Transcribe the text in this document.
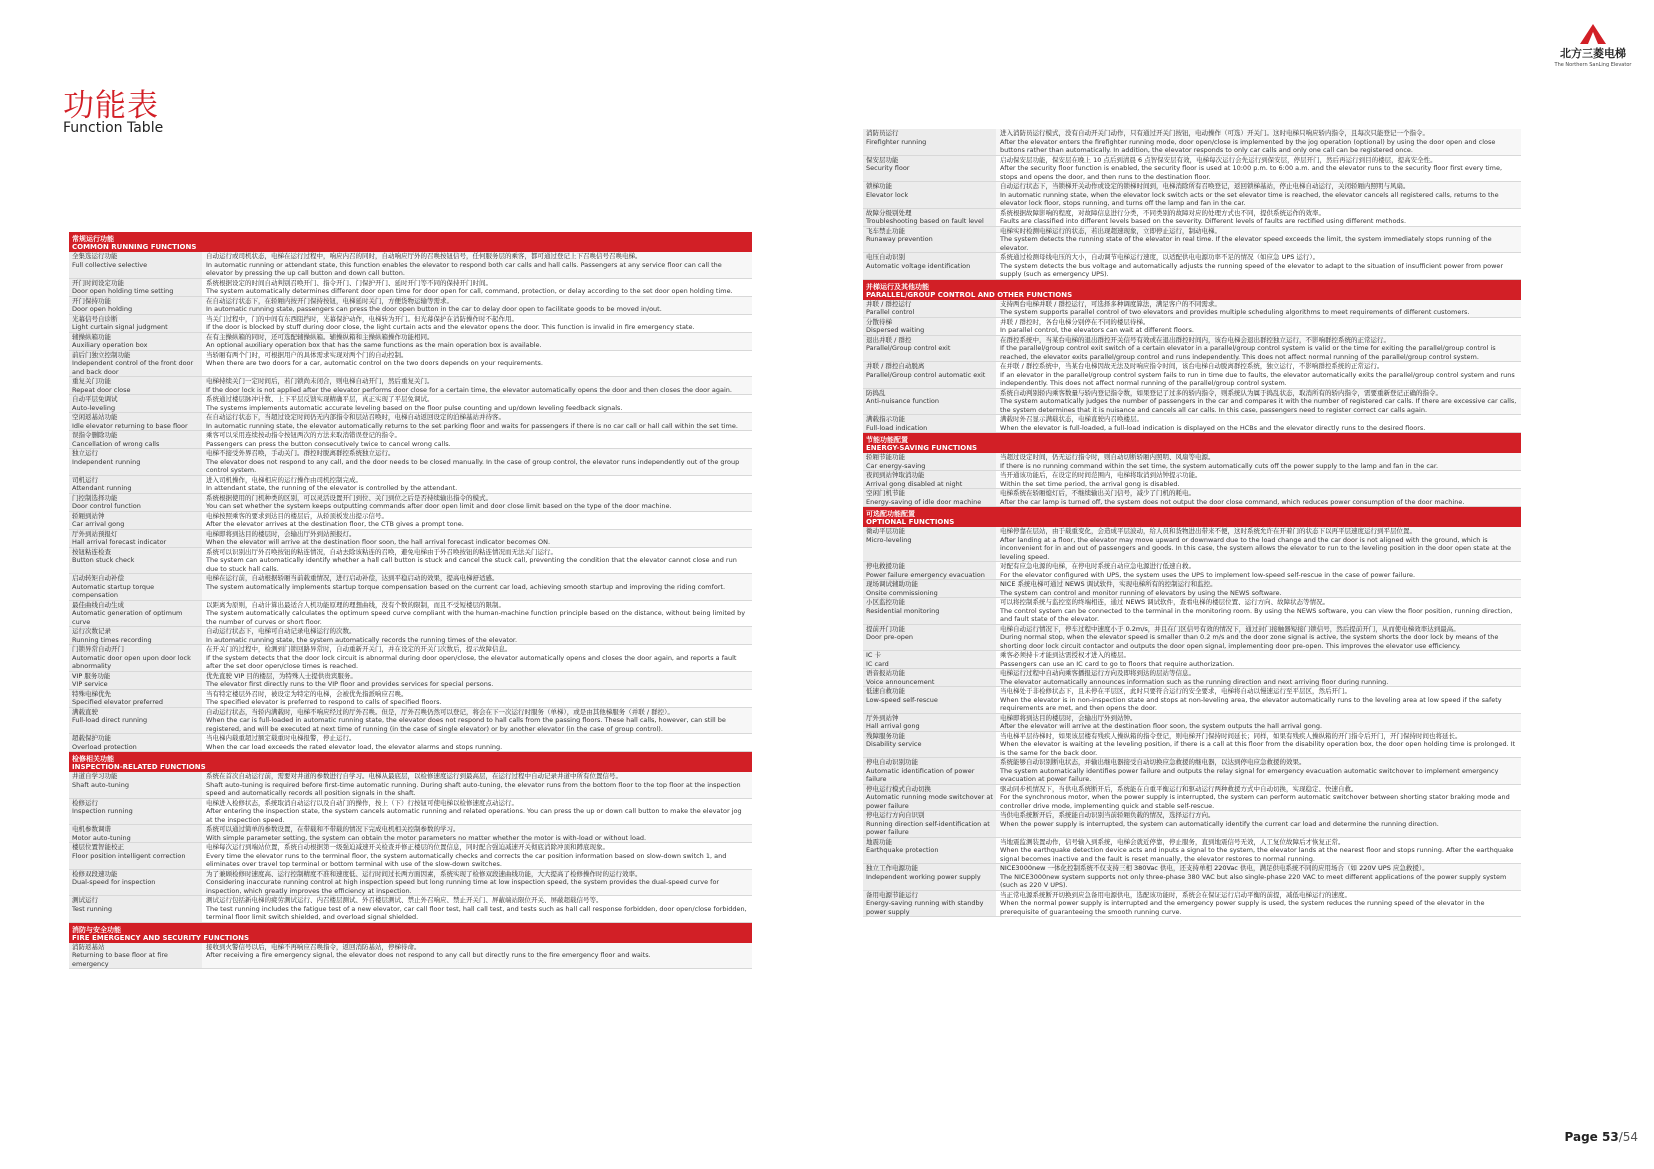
北方三菱电梯
The Northern SanLing Elevator
功能表
Function Table
常规运行功能
COMMON RUNNING FUNCTIONS
全集选运行功能
Full collective selective
自动运行或司机状态，电梯在运行过程中，响应内召的同时，自动响应厅外的召唤按钮信号，任何服务层的乘客，都可通过登记上下召唤信号召唤电梯。
In automatic running or attendant state, this function enables the elevator to respond both car calls and hall calls. Passengers at any service floor can call the elevator by pressing the up call button and down call button.
开门时间设定功能
Door open holding time setting
系统根据设定的时间自动判别召唤开门、指令开门、门保护开门、延时开门等不同的保持开门时间。
The system automatically determines different door open time for door open for call, command, protection, or delay according to the set door open holding time.
开门保持功能
Door open holding
在自动运行状态下，在轿厢内按开门保持按钮，电梯延时关门，方便货物运输等需求。
In automatic running state, passengers can press the door open button in the car to delay door open to facilitate goods to be moved in/out.
光幕信号自诊断
Light curtain signal judgment
当关门过程中，门的中间有东西阻挡时，光幕保护动作，电梯转为开门。但光幕保护在消防操作时不起作用。
If the door is blocked by stuff during door close, the light curtain acts and the elevator opens the door. This function is invalid in fire emergency state.
辅操纵箱功能
Auxiliary operation box
在有主操纵箱的同时，还可选配辅操纵箱。辅操纵箱和主操纵箱操作功能相同。
An optional auxiliary operation box that has the same functions as the main operation box is available.
前后门独立控制功能
Independent control of the front door and back door
当轿厢有两个门时，可根据用户的具体需求实现对两个门的自动控制。
When there are two doors for a car, automatic control on the two doors depends on your requirements.
重复关门功能
Repeat door close
电梯持续关门一定时间后，若门锁尚未闭合，则电梯自动开门，然后重复关门。
If the door lock is not applied after the elevator performs door close for a certain time, the elevator automatically opens the door and then closes the door again.
自动平层免调试
Auto-leveling
系统通过楼层脉冲计数、上下平层反馈实现精确平层，真正实现了平层免调试。
The systems implements automatic accurate leveling based on the floor pulse counting and up/down leveling feedback signals.
空闲返基站功能
Idle elevator returning to base floor
在自动运行状态下，当超过设定时间仍无内部指令和层站召唤时，电梯自动返回设定的泊梯基站并待客。
In automatic running state, the elevator automatically returns to the set parking floor and waits for passengers if there is no car call or hall call within the set time.
误指令删除功能
Cancellation of wrong calls
乘客可以采用连续按动指令按钮两次的方法来取消错误登记的指令。
Passengers can press the button consecutively twice to cancel wrong calls.
独立运行
Independent running
电梯不接受外界召唤，手动关门。群控时脱离群控系统独立运行。
The elevator does not respond to any call, and the door needs to be closed manually. In the case of group control, the elevator runs independently out of the group control system.
司机运行
Attendant running
进入司机操作，电梯相应的运行操作由司机控制完成。
In attendant state, the running of the elevator is controlled by the attendant.
门控制选择功能
Door control function
系统根据使用的门机种类的区别，可以灵活设置开门到位、关门到位之后是否持续输出指令的模式。
You can set whether the system keeps outputting commands after door open limit and door close limit based on the type of the door machine.
轿厢到站钟
Car arrival gong
电梯按照乘客的要求到达目的楼层后，从轿顶板发出提示信号。
After the elevator arrives at the destination floor, the CTB gives a prompt tone.
厅外到站预报灯
Hall arrival forecast indicator
电梯即将到达目的楼层时，会输出厅外到站预报灯。
When the elevator will arrive at the destination floor soon, the hall arrival forecast indicator becomes ON.
按钮粘连检查
Button stuck check
系统可以识别出厅外召唤按钮的粘连情况，自动去除该粘连的召唤，避免电梯由于外召唤按钮的粘连情况而无法关门运行。
The system can automatically identify whether a hall call button is stuck and cancel the stuck call, preventing the condition that the elevator cannot close and run due to stuck hall calls.
启动转矩自动补偿
Automatic startup torque compensation
电梯在运行前，自动根据轿厢当前载重情况，进行启动补偿，达到平稳启动的效果，提高电梯舒适感。
The system automatically implements startup torque compensation based on the current car load, achieving smooth startup and improving the riding comfort.
最佳曲线自动生成
Automatic generation of optimum curve
以距离为原则，自动计算出最适合人机功能原理的理想曲线，没有个数的限制，而且不受短楼层的限制。
The system automatically calculates the optimum speed curve compliant with the human-machine function principle based on the distance, without being limited by the number of curves or short floor.
运行次数记录
Running times recording
自动运行状态下，电梯可自动记录电梯运行的次数。
In automatic running state, the system automatically records the running times of the elevator.
门锁异常自动开门
Automatic door open upon door lock abnormality
在开关门的过程中，检测到门锁回路异常时，自动重新开关门，并在设定的开关门次数后，提示故障信息。
If the system detects that the door lock circuit is abnormal during door open/close, the elevator automatically opens and closes the door again, and reports a fault after the set door open/close times is reached.
VIP 服务功能
VIP service
优先直驶 VIP 目的楼层，为特殊人士提供贵宾服务。
The elevator first directly runs to the VIP floor and provides services for special persons.
特殊电梯优先
Specified elevator preferred
当有特定楼层外召时，被设定为特定的电梯，会被优先指派响应召唤。
The specified elevator is preferred to respond to calls of specified floors.
满载直驶
Full-load direct running
自动运行状态，当轿内满载时，电梯不响应经过的厅外召唤。但是，厅外召唤仍然可以登记，将会在下一次运行时服务（单梯），或是由其他梯服务（并联 / 群控）。
When the car is full-loaded in automatic running state, the elevator does not respond to hall calls from the passing floors. These hall calls, however, can still be registered, and will be executed at next time of running (in the case of single elevator) or by another elevator (in the case of group control).
超载保护功能
Overload protection
当电梯内载重超过额定载重时电梯报警，停止运行。
When the car load exceeds the rated elevator load, the elevator alarms and stops running.
检修相关功能
INSPECTION-RELATED FUNCTIONS
井道自学习功能
Shaft auto-tuning
系统在首次自动运行前，需要对井道的参数进行自学习。电梯从最底层，以检修速度运行到最高层，在运行过程中自动记录井道中所有位置信号。
Shaft auto-tuning is required before first-time automatic running. During shaft auto-tuning, the elevator runs from the bottom floor to the top floor at the inspection speed and automatically records all position signals in the shaft.
检修运行
Inspection running
电梯进入检修状态，系统取消自动运行以及自动门的操作，按上（下）行按钮可使电梯以检修速度点动运行。
After entering the inspection state, the system cancels automatic running and related operations. You can press the up or down call button to make the elevator jog at the inspection speed.
电机参数调谐
Motor auto-tuning
系统可以通过简单的参数设置，在带载和不带载的情况下完成电机相关控制参数的学习。
With simple parameter setting, the system can obtain the motor parameters no matter whether the motor is with-load or without load.
楼层位置智能校正
Floor position intelligent correction
电梯每次运行到端站位置，系统自动根据第一级强迫减速开关检查并修正楼层的位置信息，同时配合强迫减速开关彻底消除冲顶和蹲底现象。
Every time the elevator runs to the terminal floor, the system automatically checks and corrects the car position information based on slow-down switch 1, and eliminates over travel top terminal or bottom terminal with use of the slow-down switches.
检修双段速功能
Dual-speed for inspection
为了兼顾检修时速度高、运行控制精度不准和速度低、运行时间过长两方面因素，系统实现了检修双段速曲线功能，大大提高了检修操作时的运行效率。
Considering inaccurate running control at high inspection speed but long running time at low inspection speed, the system provides the dual-speed curve for inspection, which greatly improves the efficiency at inspection.
测试运行
Test running
测试运行包括新电梯的疲劳测试运行、内召楼层测试、外召楼层测试、禁止外召响应、禁止开关门、屏蔽端站限位开关、屏蔽超载信号等。
The test running includes the fatigue test of a new elevator, car call floor test, hall call test, and tests such as hall call response forbidden, door open/close forbidden, terminal floor limit switch shielded, and overload signal shielded.
消防与安全功能
FIRE EMERGENCY AND SECURITY FUNCTIONS
消防返基站
Returning to base floor at fire emergency
接收到火警信号以后，电梯不再响应召唤指令，返回消防基站，停梯待命。
After receiving a fire emergency signal, the elevator does not respond to any call but directly runs to the fire emergency floor and waits.
消防员运行
Firefighter running
进入消防员运行模式，没有自动开关门动作，只有通过开关门按钮，电动操作（可选）开关门。这时电梯只响应轿内指令，且每次只能登记一个指令。
After the elevator enters the firefighter running mode, door open/close is implemented by the jog operation (optional) by using the door open and close buttons rather than automatically. In addition, the elevator responds to only car calls and only one call can be registered once.
保安层功能
Security floor
启动保安层功能，保安层在晚上 10 点后到清晨 6 点智保安层有效，电梯每次运行会先运行到保安层，停层开门，然后再运行到目的楼层，提高安全性。
After the security floor function is enabled, the security floor is used at 10:00 p.m. to 6:00 a.m. and the elevator runs to the security floor first every time, stops and opens the door, and then runs to the destination floor.
锁梯功能
Elevator lock
自动运行状态下，当锁梯开关动作或设定的锁梯时间到，电梯消除所有召唤登记，返回锁梯基站，停止电梯自动运行，关闭轿厢内照明与风扇。
In automatic running state, when the elevator lock switch acts or the set elevator time is reached, the elevator cancels all registered calls, returns to the elevator lock floor, stops running, and turns off the lamp and fan in the car.
故障分级别处理
Troubleshooting based on fault level
系统根据故障影响的程度，对故障信息进行分类，不同类别的故障对应的处理方式也不同，提供系统运作的效率。
Faults are classified into different levels based on the severity. Different levels of faults are rectified using different methods.
飞车禁止功能
Runaway prevention
电梯实时检测电梯运行的状态，若出现超速现象，立即停止运行，制动电梯。
The system detects the running state of the elevator in real time. If the elevator speed exceeds the limit, the system immediately stops running of the elevator.
电压自动识别
Automatic voltage identification
系统通过检测母线电压的大小，自动调节电梯运行速度，以适配供电电源功率不足的情况（如应急 UPS 运行）。
The system detects the bus voltage and automatically adjusts the running speed of the elevator to adapt to the situation of insufficient power from power supply (such as emergency UPS).
并梯运行及其他功能
PARALLEL/GROUP CONTROL AND OTHER FUNCTIONS
并联 / 群控运行
Parallel control
支持两台电梯并联 / 群控运行，可选择多种调度算法，满足客户的不同需求。
The system supports parallel control of two elevators and provides multiple scheduling algorithms to meet requirements of different customers.
分散待梯
Dispersed waiting
并联 / 群控时，各台电梯分别停在不同的楼层待梯。
In parallel control, the elevators can wait at different floors.
退出并联 / 群控
Parallel/Group control exit
在群控系统中，当某台电梯的退出群控开关信号有效或在退出群控时间内，该台电梯会退出群控独立运行，不影响群控系统的正常运行。
If the parallel/group control exit switch of a certain elevator in a parallel/group control system is valid or the time for exiting the parallel/group control is reached, the elevator exits parallel/group control and runs independently. This does not affect normal running of the parallel/group control system.
并联 / 群控自动脱离
Parallel/Group control automatic exit
在并联 / 群控系统中，当某台电梯因故无法及时响应指令时间，该台电梯自动脱离群控系统，独立运行，不影响群控系统的正常运行。
If an elevator in the parallel/group control system fails to run in time due to faults, the elevator automatically exits the parallel/group control system and runs independently. This does not affect normal running of the parallel/group control system.
防捣乱
Anti-nuisance function
系统自动判别轿内乘客数量与轿内登记指令数，如果登记了过多的轿内指令，则系统认为属于捣乱状态，取消所有的轿内指令，需要重新登记正确的指令。
The system automatically judges the number of passengers in the car and compares it with the number of registered car calls. If there are excessive car calls, the system determines that it is nuisance and cancels all car calls. In this case, passengers need to register correct car calls again.
满载指示功能
Full-load indication
满载时外召显示满载状态，电梯直驶内召唤楼层。
When the elevator is full-loaded, a full-load indication is displayed on the HCBs and the elevator directly runs to the desired floors.
节能功能配置
ENERGY-SAVING FUNCTIONS
轿厢节能功能
Car energy-saving
当超过设定时间，仍无运行指令时，则自动切断轿厢内照明、风扇等电源。
If there is no running command within the set time, the system automatically cuts off the power supply to the lamp and fan in the car.
夜间到站钟取消功能
Arrival gong disabled at night
当开通该功能后，在设定的时间范围内，电梯将取消到站钟提示功能。
Within the set time period, the arrival gong is disabled.
空闲门机节能
Energy-saving of idle door machine
电梯系统在轿厢熄灯后，不继续输出关门信号，减少了门机的耗电。
After the car lamp is turned off, the system does not output the door close command, which reduces power consumption of the door machine.
可选配功能配置
OPTIONAL FUNCTIONS
微动平层功能
Micro-leveling
电梯停靠在层站，由于载重变化，会造成平层波动，给人员和货物进出带来不便，这时系统允许在开着门的状态下以再平层速度运行到平层位置。
After landing at a floor, the elevator may move upward or downward due to the load change and the car door is not aligned with the ground, which is inconvenient for in and out of passengers and goods. In this case, the system allows the elevator to run to the leveling position in the door open state at the leveling speed.
停电救援功能
Power failure emergency evacuation
对配有应急电源的电梯，在停电时系统自动应急电源进行低速自救。
For the elevator configured with UPS, the system uses the UPS to implement low-speed self-rescue in the case of power failure.
现场调试辅助功能
Onsite commissioning
NICE 系统电梯可通过 NEWS 调试软件，实现电梯所有的控制运行和监控。
The system can control and monitor running of elevators by using the NEWS software.
小区监控功能
Residential monitoring
可以将控制系统与监控室的终端相连，通过 NEWS 调试软件，查看电梯的楼层位置、运行方向、故障状态等情况。
The control system can be connected to the terminal in the monitoring room. By using the NEWS software, you can view the floor position, running direction, and fault state of the elevator.
提前开门功能
Door pre-open
电梯自动运行情况下，停车过程中速度小于 0.2m/s，并且在门区信号有效的情况下，通过封门接触器短接门锁信号，然后提前开门，从而使电梯效率达到最高。
During normal stop, when the elevator speed is smaller than 0.2 m/s and the door zone signal is active, the system shorts the door lock by means of the shorting door lock circuit contactor and outputs the door open signal, implementing door pre-open. This improves the elevator use efficiency.
IC 卡
IC card
乘客必须持卡才能到达需授权才进入的楼层。
Passengers can use an IC card to go to floors that require authorization.
语音报站功能
Voice announcement
电梯运行过程中自动向乘客播报运行方向及即将到达的层站等信息。
The elevator automatically announces information such as the running direction and next arriving floor during running.
低速自救功能
Low-speed self-rescue
当电梯处于非检修状态下，且未停在平层区，此时只要符合运行的安全要求，电梯将自动以慢速运行至平层区，然后开门。
When the elevator is in non-inspection state and stops at non-leveling area, the elevator automatically runs to the leveling area at low speed if the safety requirements are met, and then opens the door.
厅外到站钟
Hall arrival gong
电梯即将到达目的楼层时，会输出厅外到站钟。
After the elevator will arrive at the destination floor soon, the system outputs the hall arrival gong.
残障服务功能
Disability service
当电梯平层待梯时，如果该层楼有残疾人操纵箱的指令登记，则电梯开门保持时间延长；同样，如果有残疾人操纵箱的开门指令后开门，开门保持时间也将延长。
When the elevator is waiting at the leveling position, if there is a call at this floor from the disability operation box, the door open holding time is prolonged. It is the same for the back door.
停电自动识别功能
Automatic identification of power failure
系统能够自动识别断电状态，并输出继电器接受自动切换应急救援的继电器，以达到停电应急救援的效果。
The system automatically identifies power failure and outputs the relay signal for emergency evacuation automatic switchover to implement emergency evacuation at power failure.
停电运行模式自动切换
Automatic running mode switchover at power failure
驱动同步机情况下，当供电系统断开后，系统能在自重平衡运行和驱动运行两种救援方式中自动切换，实现稳定、快速自救。
For the synchronous motor, when the power supply is interrupted, the system can perform automatic switchover between shorting stator braking mode and controller drive mode, implementing quick and stable self-rescue.
停电运行方向自识别
Running direction self-identification at power failure
当供电系统断开后，系统能自动识别当前轿厢负载的情况，选择运行方向。
When the power supply is interrupted, the system can automatically identify the current car load and determine the running direction.
地震功能
Earthquake protection
当地震监测装置动作，信号输入到系统，电梯会就近停靠，停止服务，直到地震信号无效，人工复位故障后才恢复正常。
When the earthquake detection device acts and inputs a signal to the system, the elevator lands at the nearest floor and stops running. After the earthquake signal becomes inactive and the fault is reset manually, the elevator restores to normal running.
独立工作电源功能
Independent working power supply
NICE3000new 一体化控制系统不仅支持三相 380Vac 供电，还支持单相 220Vac 供电，满足供电系统不同的应用场合（如 220V UPS 应急救援）。
The NICE3000new system supports not only three-phase 380 VAC but also single-phase 220 VAC to meet different applications of the power supply system (such as 220 V UPS).
备用电源节能运行
Energy-saving running with standby power supply
当正常电源系统断开切换到应急备用电源供电，选配该功能时，系统会在保证运行启动平衡的前提，减低电梯运行的速度。
When the normal power supply is interrupted and the emergency power supply is used, the system reduces the running speed of the elevator in the prerequisite of guaranteeing the smooth running curve.
Page 53/54
